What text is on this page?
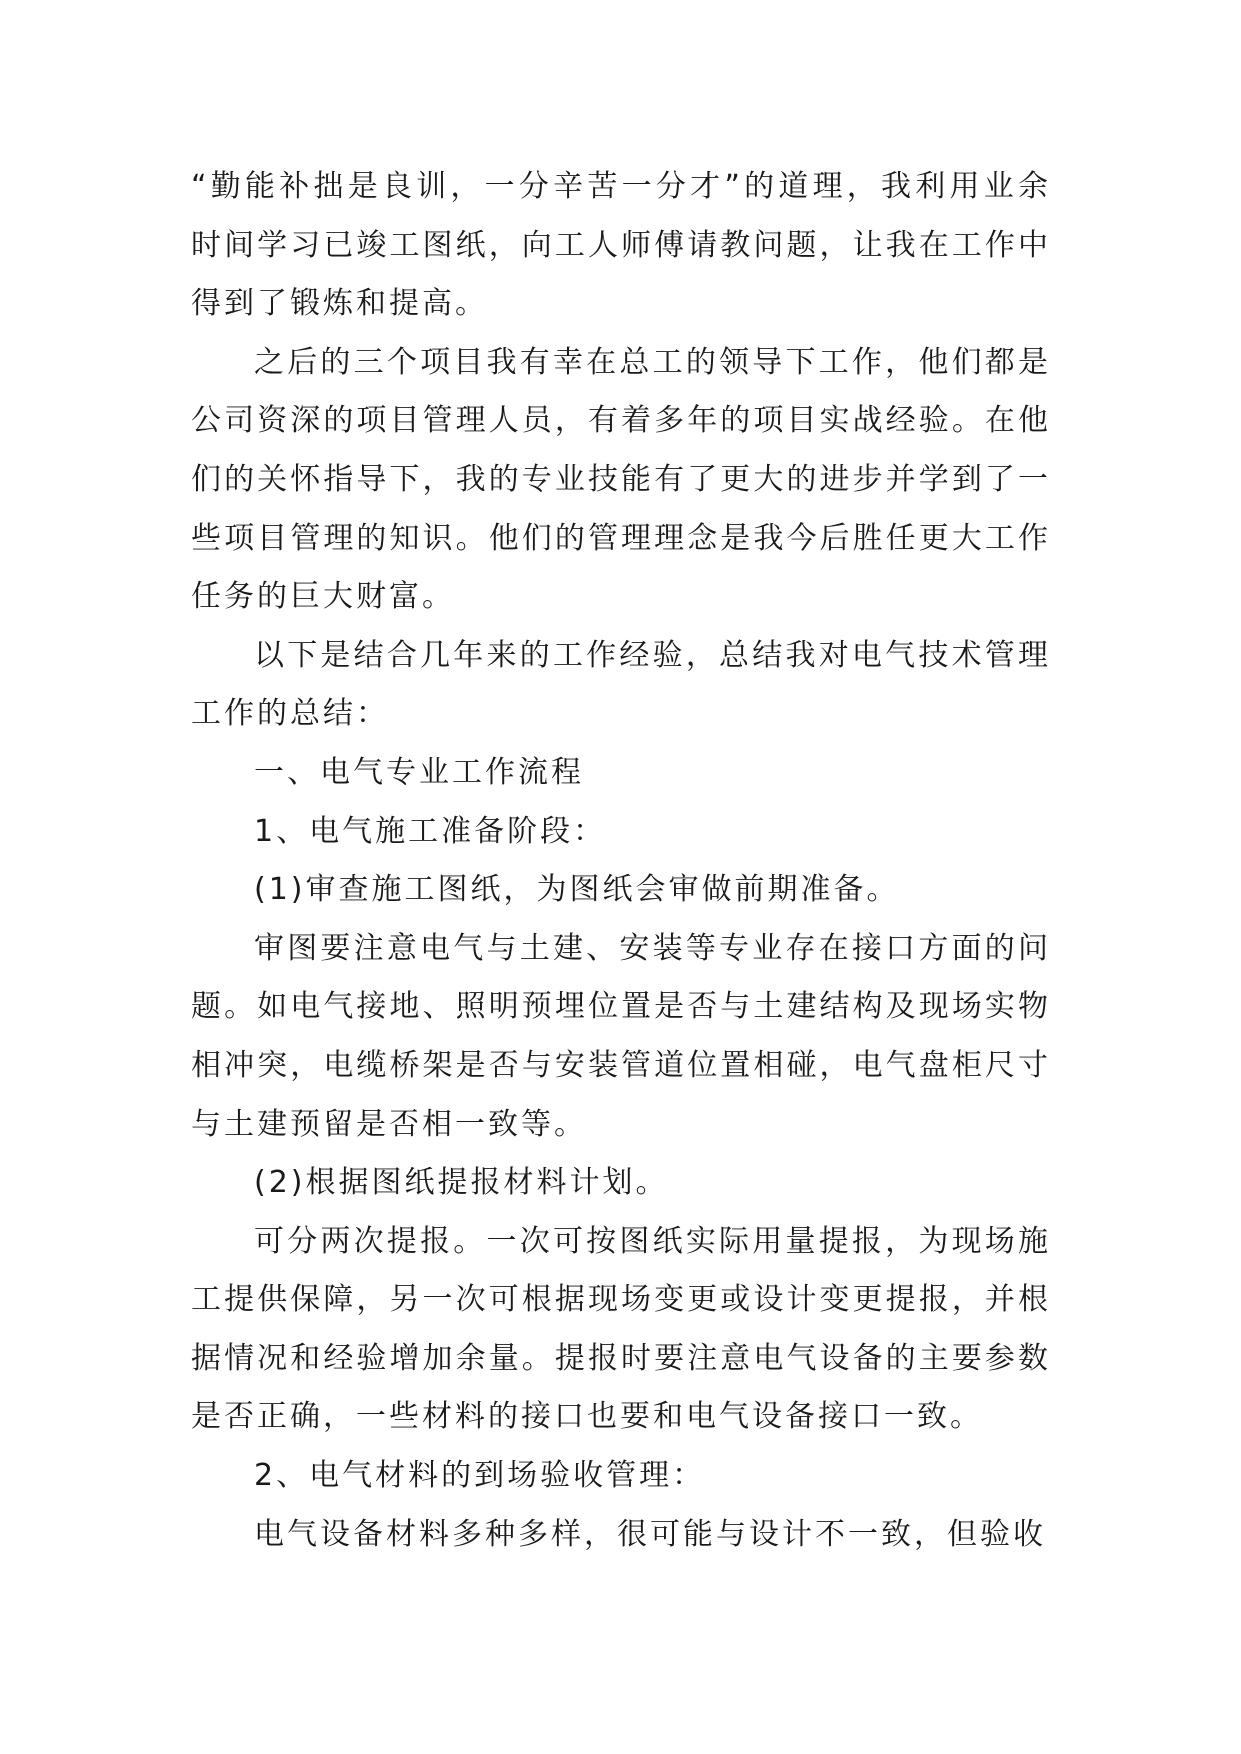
“勤能补拙是良训，一分辛苦一分才”的道理，我利用业余时间学习已竣工图纸，向工人师傅请教问题，让我在工作中得到了锻炼和提高。

之后的三个项目我有幸在总工的领导下工作，他们都是公司资深的项目管理人员，有着多年的项目实战经验。在他们的关怀指导下，我的专业技能有了更大的进步并学到了一些项目管理的知识。他们的管理理念是我今后胜任更大工作任务的巨大财富。

以下是结合几年来的工作经验，总结我对电气技术管理工作的总结：

一、电气专业工作流程

1、电气施工准备阶段：

(1)审查施工图纸，为图纸会审做前期准备。

审图要注意电气与土建、安装等专业存在接口方面的问题。如电气接地、照明预埋位置是否与土建结构及现场实物相冲突，电缆桥架是否与安装管道位置相碰，电气盘柜尺寸与土建预留是否相一致等。

(2)根据图纸提报材料计划。

可分两次提报。一次可按图纸实际用量提报，为现场施工提供保障，另一次可根据现场变更或设计变更提报，并根据情况和经验增加余量。提报时要注意电气设备的主要参数是否正确，一些材料的接口也要和电气设备接口一致。

2、电气材料的到场验收管理：

电气设备材料多种多样，很可能与设计不一致，但验收
